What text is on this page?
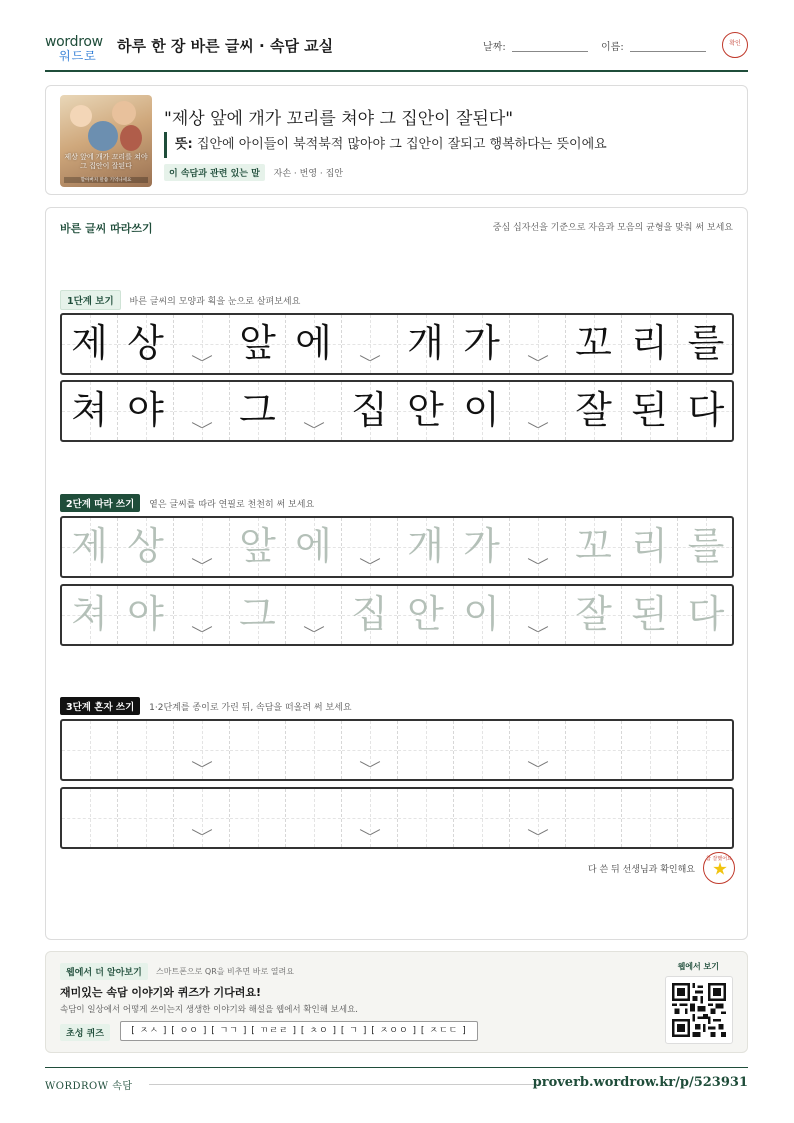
wordrow
워드로
하루 한 장 바른 글씨 · 속담 교실	날짜:	이름:	확인
제상 앞에 개가 꼬리를 쳐야 그 집안이 잘된다
할아버지 말씀 기억나세요
"제상 앞에 개가 꼬리를 쳐야 그 집안이 잘된다"
뜻: 집안에 아이들이 북적북적 많아야 그 집안이 잘되고 행복하다는 뜻이에요
이 속담과 관련 있는 말 자손 · 번영 · 집안
바른 글씨 따라쓰기	중심 십자선을 기준으로 자음과 모음의 균형을 맞춰 써 보세요
1단계 보기 바른 글씨의 모양과 획을 눈으로 살펴보세요
제 상 앞 에 개 가 꼬 리 를
쳐 야 그 집 안 이 잘 된 다
2단계 따라 쓰기 옅은 글씨를 따라 연필로 천천히 써 보세요
제 상 앞 에 개 가 꼬 리 를
쳐 야 그 집 안 이 잘 된 다
3단계 혼자 쓰기 1·2단계를 종이로 가린 뒤, 속담을 떠올려 써 보세요
다 쓴 뒤 선생님과 확인해요
참 잘했어요
웹에서 더 알아보기	스마트폰으로 QR을 비추면 바로 열려요
재미있는 속담 이야기와 퀴즈가 기다려요!
속담이 일상에서 어떻게 쓰이는지 생생한 이야기와 해설을 웹에서 확인해 보세요.
초성 퀴즈	[ ㅈㅅ ] [ ㅇㅇ ] [ ㄱㄱ ] [ ㄲㄹㄹ ] [ ㅊㅇ ] [ ㄱ ] [ ㅈㅇㅇ ] [ ㅈㄷㄷ ]
웹에서 보기
WORDROW 속담	proverb.wordrow.kr/p/523931
